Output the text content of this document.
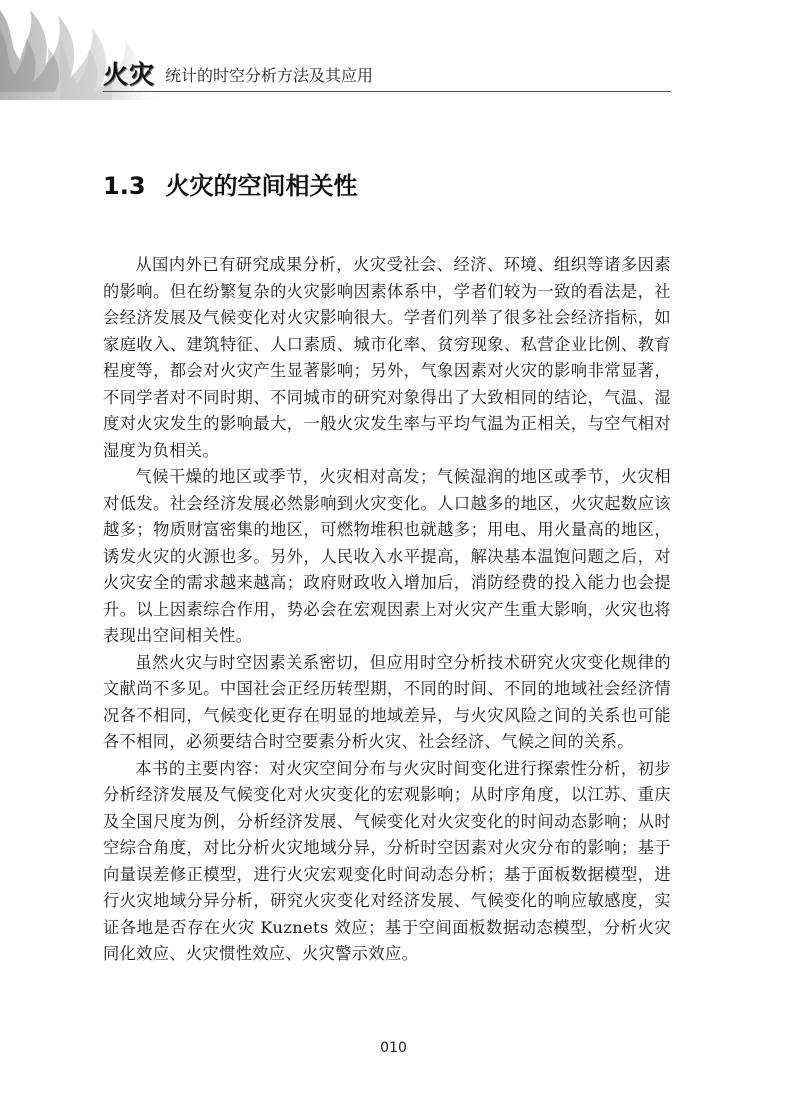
火灾 统计的时空分析方法及其应用
1.3 火灾的空间相关性

从国内外已有研究成果分析，火灾受社会、经济、环境、组织等诸多因素的影响。但在纷繁复杂的火灾影响因素体系中，学者们较为一致的看法是，社会经济发展及气候变化对火灾影响很大。学者们列举了很多社会经济指标，如家庭收入、建筑特征、人口素质、城市化率、贫穷现象、私营企业比例、教育程度等，都会对火灾产生显著影响；另外，气象因素对火灾的影响非常显著，不同学者对不同时期、不同城市的研究对象得出了大致相同的结论，气温、湿度对火灾发生的影响最大，一般火灾发生率与平均气温为正相关，与空气相对湿度为负相关。

气候干燥的地区或季节，火灾相对高发；气候湿润的地区或季节，火灾相对低发。社会经济发展必然影响到火灾变化。人口越多的地区，火灾起数应该越多；物质财富密集的地区，可燃物堆积也就越多；用电、用火量高的地区，诱发火灾的火源也多。另外，人民收入水平提高，解决基本温饱问题之后，对火灾安全的需求越来越高；政府财政收入增加后，消防经费的投入能力也会提升。以上因素综合作用，势必会在宏观因素上对火灾产生重大影响，火灾也将表现出空间相关性。

虽然火灾与时空因素关系密切，但应用时空分析技术研究火灾变化规律的文献尚不多见。中国社会正经历转型期，不同的时间、不同的地域社会经济情况各不相同，气候变化更存在明显的地域差异，与火灾风险之间的关系也可能各不相同，必须要结合时空要素分析火灾、社会经济、气候之间的关系。

本书的主要内容：对火灾空间分布与火灾时间变化进行探索性分析，初步分析经济发展及气候变化对火灾变化的宏观影响；从时序角度，以江苏、重庆及全国尺度为例，分析经济发展、气候变化对火灾变化的时间动态影响；从时空综合角度，对比分析火灾地域分异，分析时空因素对火灾分布的影响；基于向量误差修正模型，进行火灾宏观变化时间动态分析；基于面板数据模型，进行火灾地域分异分析，研究火灾变化对经济发展、气候变化的响应敏感度，实证各地是否存在火灾 Kuznets 效应；基于空间面板数据动态模型，分析火灾同化效应、火灾惯性效应、火灾警示效应。

010
